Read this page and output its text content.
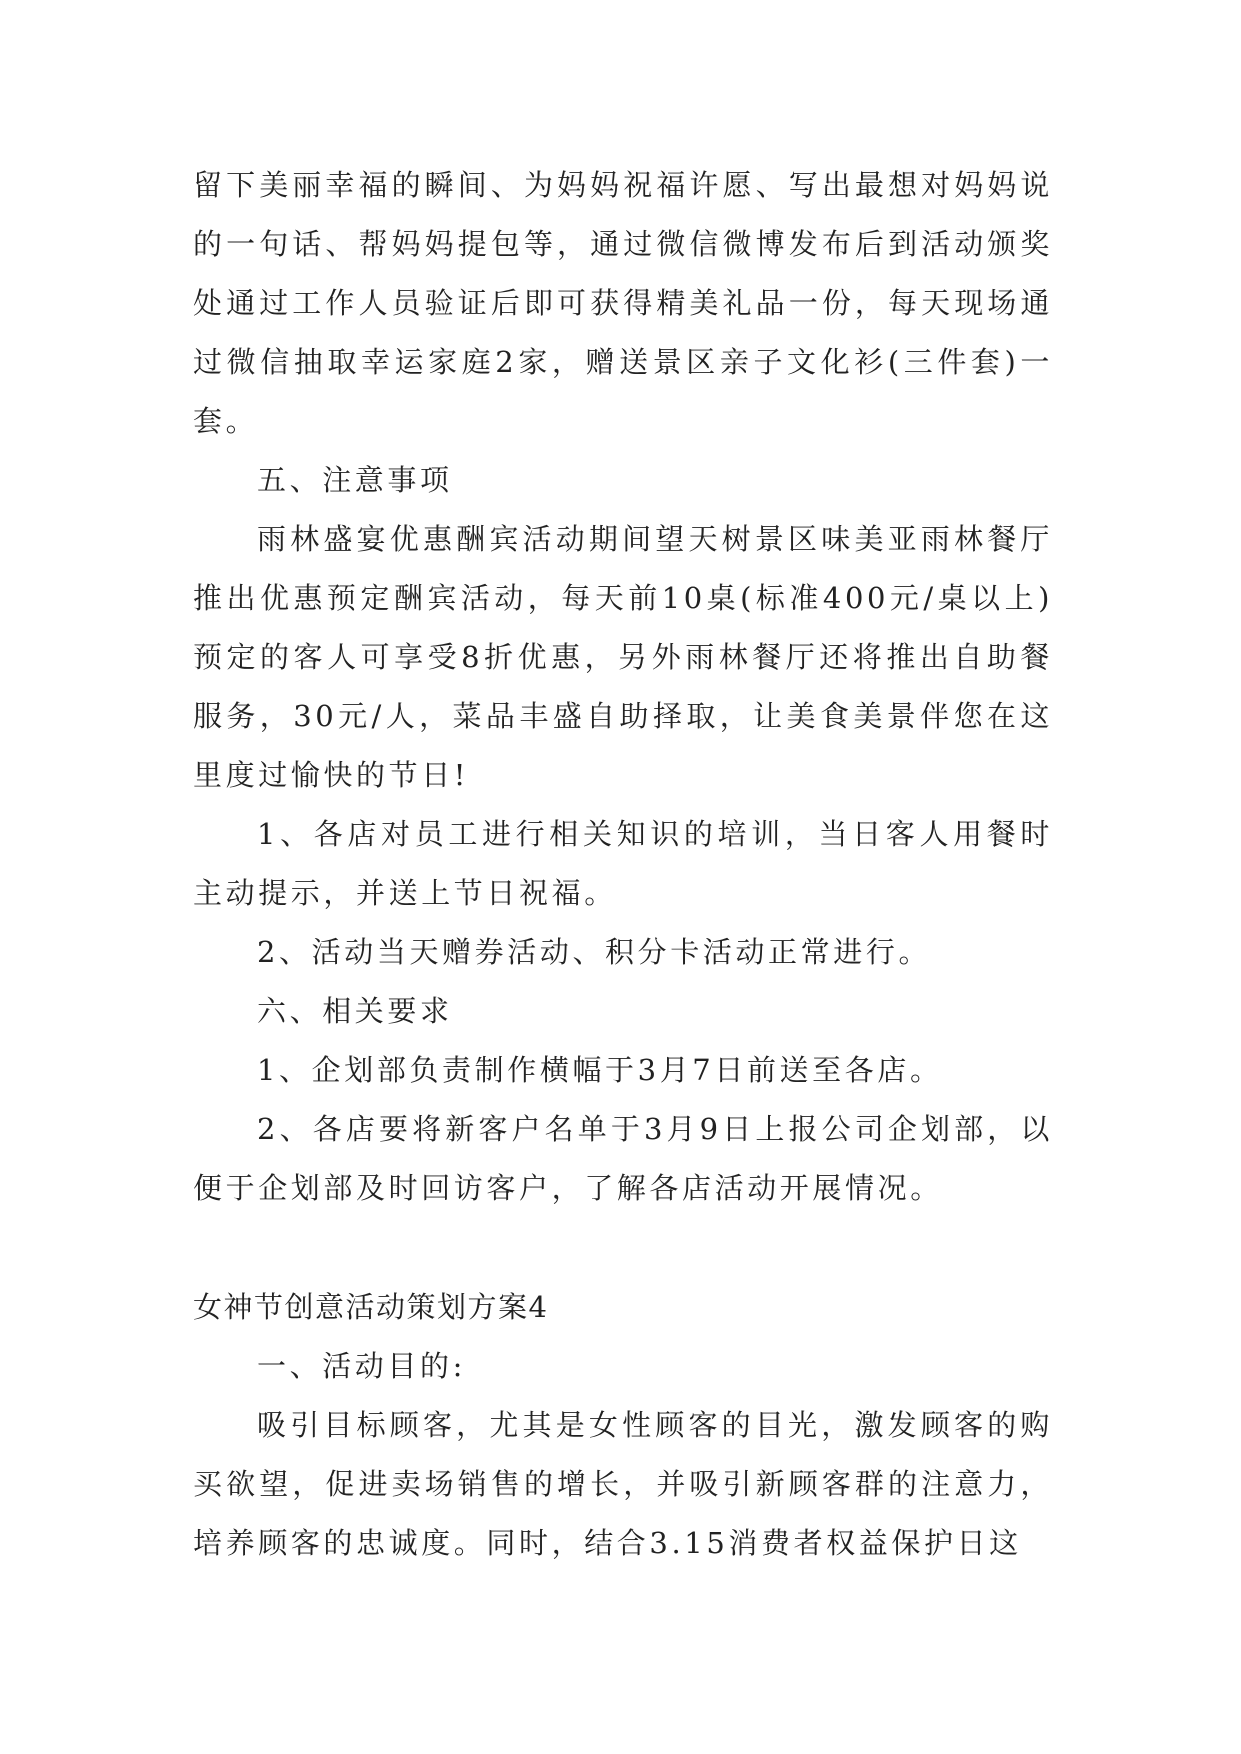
留下美丽幸福的瞬间、为妈妈祝福许愿、写出最想对妈妈说的一句话、帮妈妈提包等，通过微信微博发布后到活动颁奖处通过工作人员验证后即可获得精美礼品一份，每天现场通过微信抽取幸运家庭2家，赠送景区亲子文化衫(三件套)一套。

五、注意事项

雨林盛宴优惠酬宾活动期间望天树景区味美亚雨林餐厅推出优惠预定酬宾活动，每天前10桌(标准400元/桌以上)预定的客人可享受8折优惠，另外雨林餐厅还将推出自助餐服务，30元/人，菜品丰盛自助择取，让美食美景伴您在这里度过愉快的节日!

1、各店对员工进行相关知识的培训，当日客人用餐时主动提示，并送上节日祝福。

2、活动当天赠券活动、积分卡活动正常进行。

六、相关要求

1、企划部负责制作横幅于3月7日前送至各店。

2、各店要将新客户名单于3月9日上报公司企划部，以便于企划部及时回访客户，了解各店活动开展情况。

女神节创意活动策划方案4

一、活动目的:

吸引目标顾客，尤其是女性顾客的目光，激发顾客的购买欲望，促进卖场销售的增长，并吸引新顾客群的注意力，培养顾客的忠诚度。同时，结合3.15消费者权益保护日这
